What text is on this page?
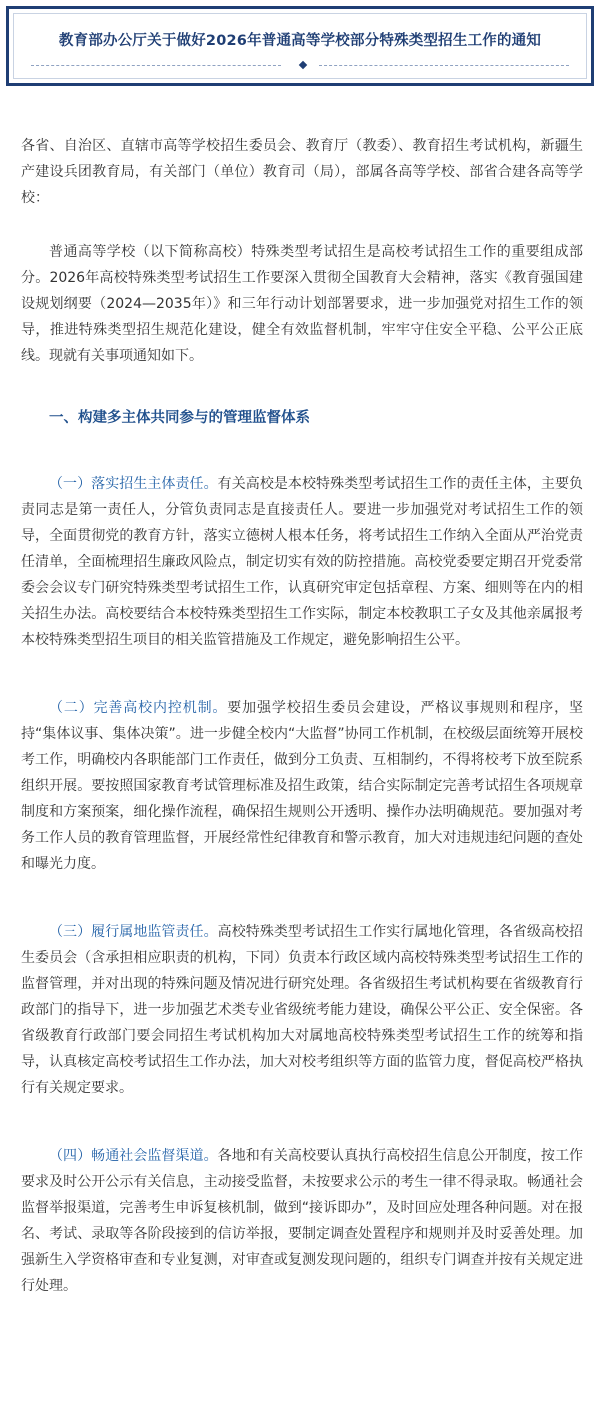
教育部办公厅关于做好2026年普通高等学校部分特殊类型招生工作的通知

各省、自治区、直辖市高等学校招生委员会、教育厅（教委）、教育招生考试机构，新疆生产建设兵团教育局，有关部门（单位）教育司（局），部属各高等学校、部省合建各高等学校：

普通高等学校（以下简称高校）特殊类型考试招生是高校考试招生工作的重要组成部分。2026年高校特殊类型考试招生工作要深入贯彻全国教育大会精神，落实《教育强国建设规划纲要（2024—2035年）》和三年行动计划部署要求，进一步加强党对招生工作的领导，推进特殊类型招生规范化建设，健全有效监督机制，牢牢守住安全平稳、公平公正底线。现就有关事项通知如下。

一、构建多主体共同参与的管理监督体系

（一）落实招生主体责任。有关高校是本校特殊类型考试招生工作的责任主体，主要负责同志是第一责任人，分管负责同志是直接责任人。要进一步加强党对考试招生工作的领导，全面贯彻党的教育方针，落实立德树人根本任务，将考试招生工作纳入全面从严治党责任清单，全面梳理招生廉政风险点，制定切实有效的防控措施。高校党委要定期召开党委常委会会议专门研究特殊类型考试招生工作，认真研究审定包括章程、方案、细则等在内的相关招生办法。高校要结合本校特殊类型招生工作实际，制定本校教职工子女及其他亲属报考本校特殊类型招生项目的相关监管措施及工作规定，避免影响招生公平。

（二）完善高校内控机制。要加强学校招生委员会建设，严格议事规则和程序，坚持“集体议事、集体决策”。进一步健全校内“大监督”协同工作机制，在校级层面统筹开展校考工作，明确校内各职能部门工作责任，做到分工负责、互相制约，不得将校考下放至院系组织开展。要按照国家教育考试管理标准及招生政策，结合实际制定完善考试招生各项规章制度和方案预案，细化操作流程，确保招生规则公开透明、操作办法明确规范。要加强对考务工作人员的教育管理监督，开展经常性纪律教育和警示教育，加大对违规违纪问题的查处和曝光力度。

（三）履行属地监管责任。高校特殊类型考试招生工作实行属地化管理，各省级高校招生委员会（含承担相应职责的机构，下同）负责本行政区域内高校特殊类型考试招生工作的监督管理，并对出现的特殊问题及情况进行研究处理。各省级招生考试机构要在省级教育行政部门的指导下，进一步加强艺术类专业省级统考能力建设，确保公平公正、安全保密。各省级教育行政部门要会同招生考试机构加大对属地高校特殊类型考试招生工作的统筹和指导，认真核定高校考试招生工作办法，加大对校考组织等方面的监管力度，督促高校严格执行有关规定要求。

（四）畅通社会监督渠道。各地和有关高校要认真执行高校招生信息公开制度，按工作要求及时公开公示有关信息，主动接受监督，未按要求公示的考生一律不得录取。畅通社会监督举报渠道，完善考生申诉复核机制，做到“接诉即办”，及时回应处理各种问题。对在报名、考试、录取等各阶段接到的信访举报，要制定调查处置程序和规则并及时妥善处理。加强新生入学资格审查和专业复测，对审查或复测发现问题的，组织专门调查并按有关规定进行处理。
